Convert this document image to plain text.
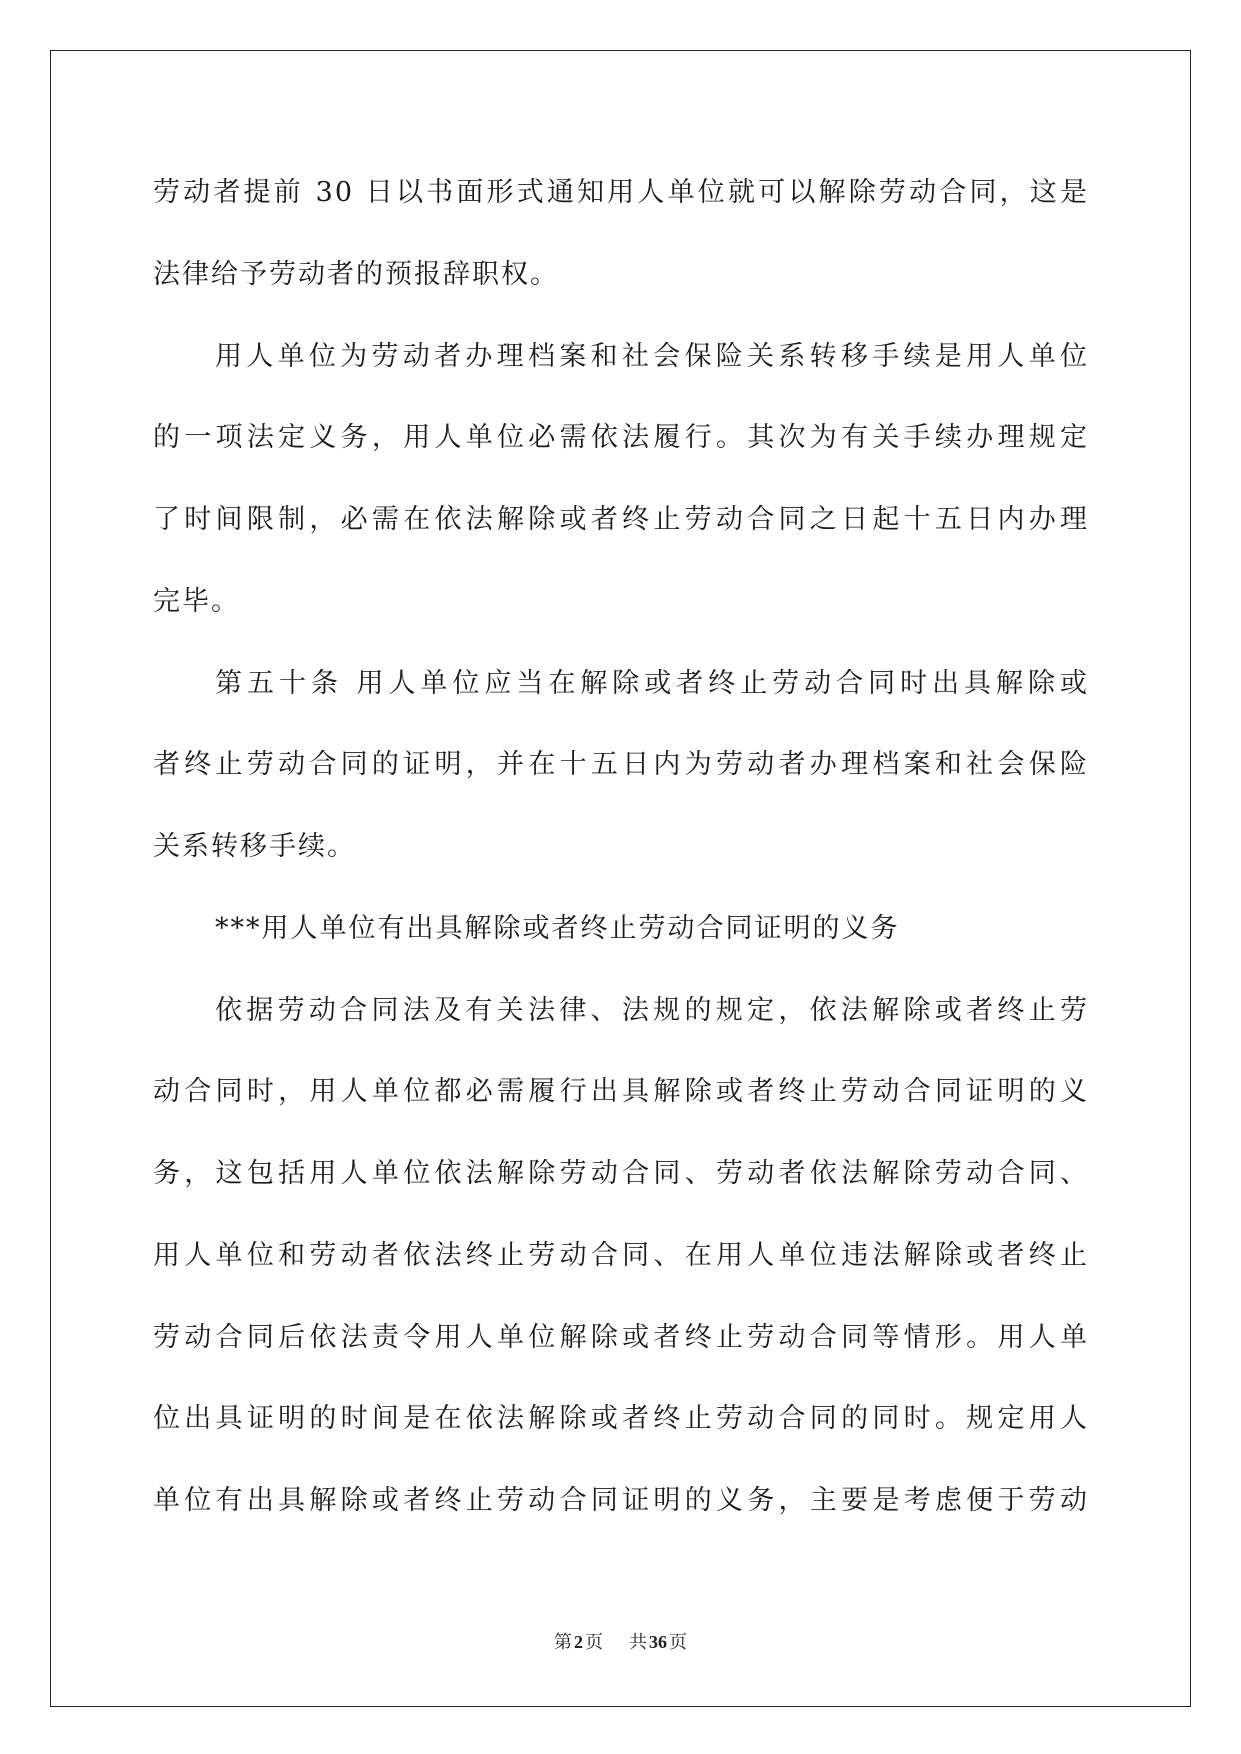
劳动者提前 30 日以书面形式通知用人单位就可以解除劳动合同，这是
法律给予劳动者的预报辞职权。
用人单位为劳动者办理档案和社会保险关系转移手续是用人单位
的一项法定义务，用人单位必需依法履行。其次为有关手续办理规定
了时间限制，必需在依法解除或者终止劳动合同之日起十五日内办理
完毕。
第五十条 用人单位应当在解除或者终止劳动合同时出具解除或
者终止劳动合同的证明，并在十五日内为劳动者办理档案和社会保险
关系转移手续。
***用人单位有出具解除或者终止劳动合同证明的义务
依据劳动合同法及有关法律、法规的规定，依法解除或者终止劳
动合同时，用人单位都必需履行出具解除或者终止劳动合同证明的义
务，这包括用人单位依法解除劳动合同、劳动者依法解除劳动合同、
用人单位和劳动者依法终止劳动合同、在用人单位违法解除或者终止
劳动合同后依法责令用人单位解除或者终止劳动合同等情形。用人单
位出具证明的时间是在依法解除或者终止劳动合同的同时。规定用人
单位有出具解除或者终止劳动合同证明的义务，主要是考虑便于劳动
第 2 页 共 36 页
